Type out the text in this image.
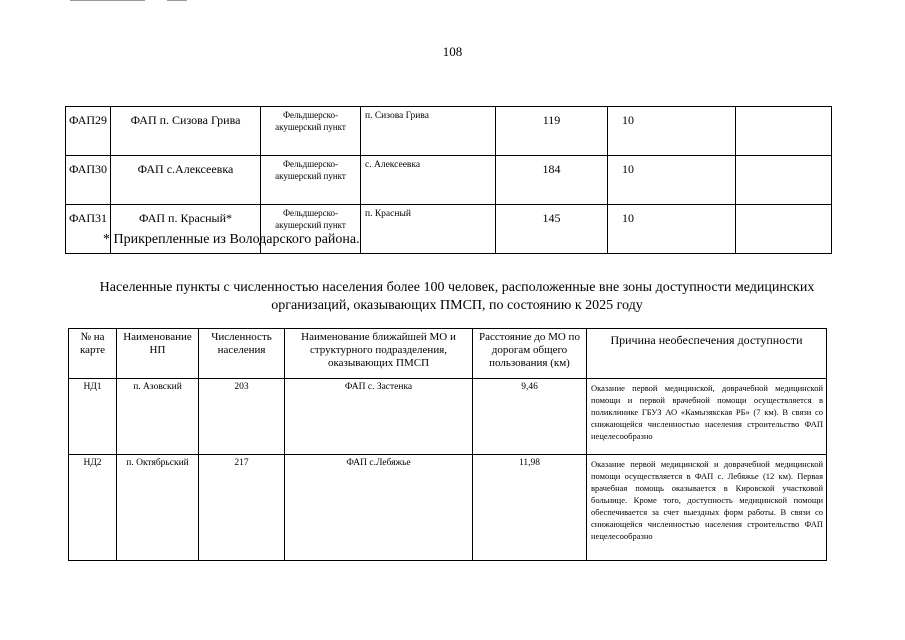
108
ФАП29	ФАП п. Сизова Грива	Фельдшерско-акушерский пункт	п. Сизова Грива	119	10	
ФАП30	ФАП с.Алексеевка	Фельдшерско-акушерский пункт	с. Алексеевка	184	10	
ФАП31	ФАП п. Красный*	Фельдшерско-акушерский пункт	п. Красный	145	10	
* Прикрепленные из Володарского района.
Населенные пункты с численностью населения более 100 человек, расположенные вне зоны доступности медицинских организаций, оказывающих ПМСП, по состоянию к 2025 году
№ на карте	Наименование НП	Численность населения	Наименование ближайшей МО и структурного подразделения, оказывающих ПМСП	Расстояние до МО по дорогам общего пользования (км)	Причина необеспечения доступности
НД1	п. Азовский	203	ФАП с. Застенка	9,46	Оказание первой медицинской, доврачебной медицинской помощи и первой врачебной помощи осуществляется в поликлинике ГБУЗ АО «Камызякская РБ» (7 км). В связи со снижающейся численностью населения строительство ФАП нецелесообразно
НД2	п. Октябрьский	217	ФАП с.Лебяжье	11,98	Оказание первой медицинской и доврачебной медицинской помощи осуществляется в ФАП с. Лебяжье (12 км). Первая врачебная помощь оказывается в Кировской участковой больнице. Кроме того, доступность медицинской помощи обеспечивается за счет выездных форм работы. В связи со снижающейся численностью населения строительство ФАП нецелесообразно
